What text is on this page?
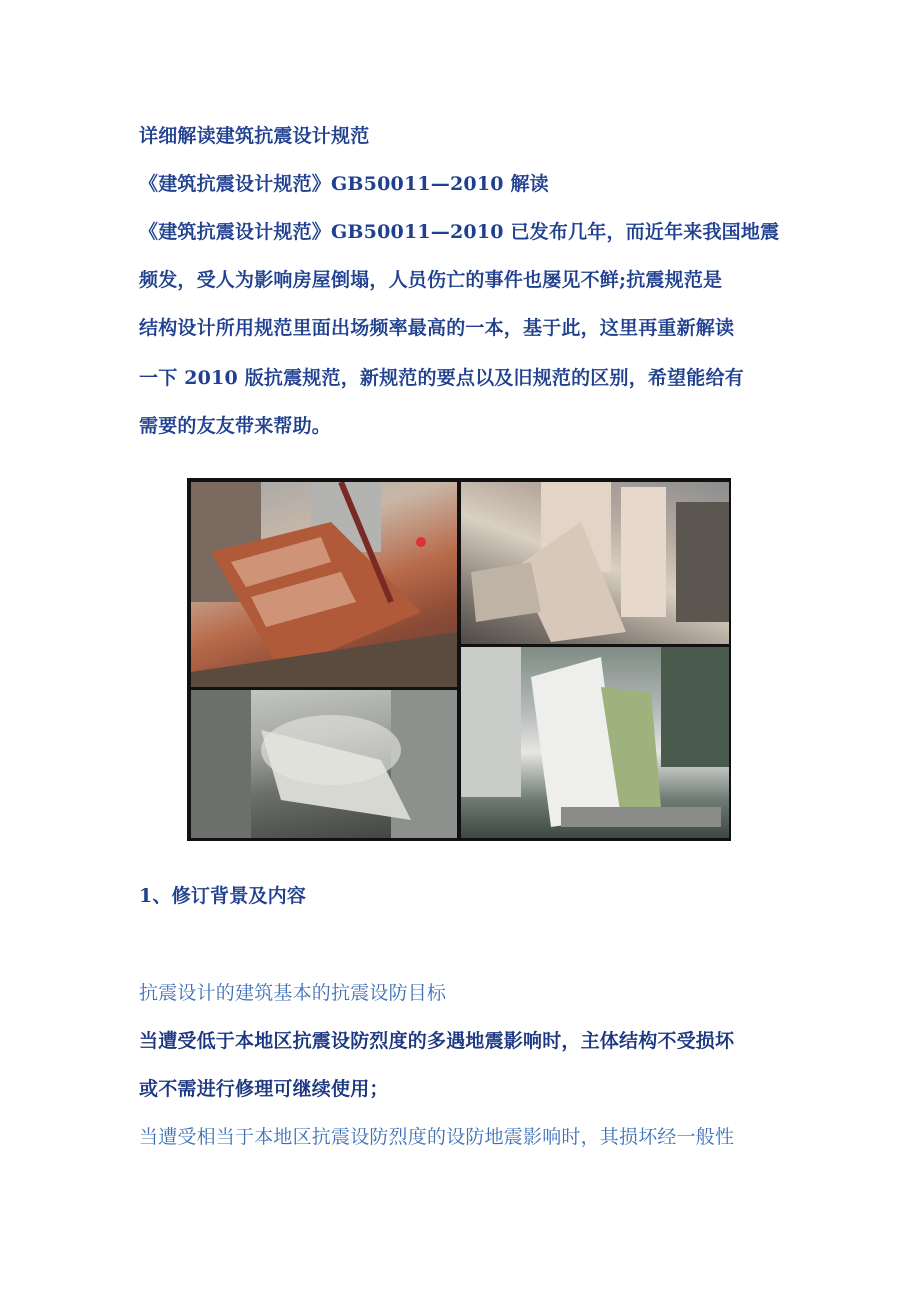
详细解读建筑抗震设计规范
《建筑抗震设计规范》GB50011—2010 解读
《建筑抗震设计规范》GB50011—2010 已发布几年，而近年来我国地震
频发，受人为影响房屋倒塌，人员伤亡的事件也屡见不鲜;抗震规范是
结构设计所用规范里面出场频率最高的一本，基于此，这里再重新解读
一下 2010 版抗震规范，新规范的要点以及旧规范的区别，希望能给有
需要的友友带来帮助。
1、修订背景及内容
抗震设计的建筑基本的抗震设防目标
当遭受低于本地区抗震设防烈度的多遇地震影响时，主体结构不受损坏
或不需进行修理可继续使用；
当遭受相当于本地区抗震设防烈度的设防地震影响时，其损坏经一般性
